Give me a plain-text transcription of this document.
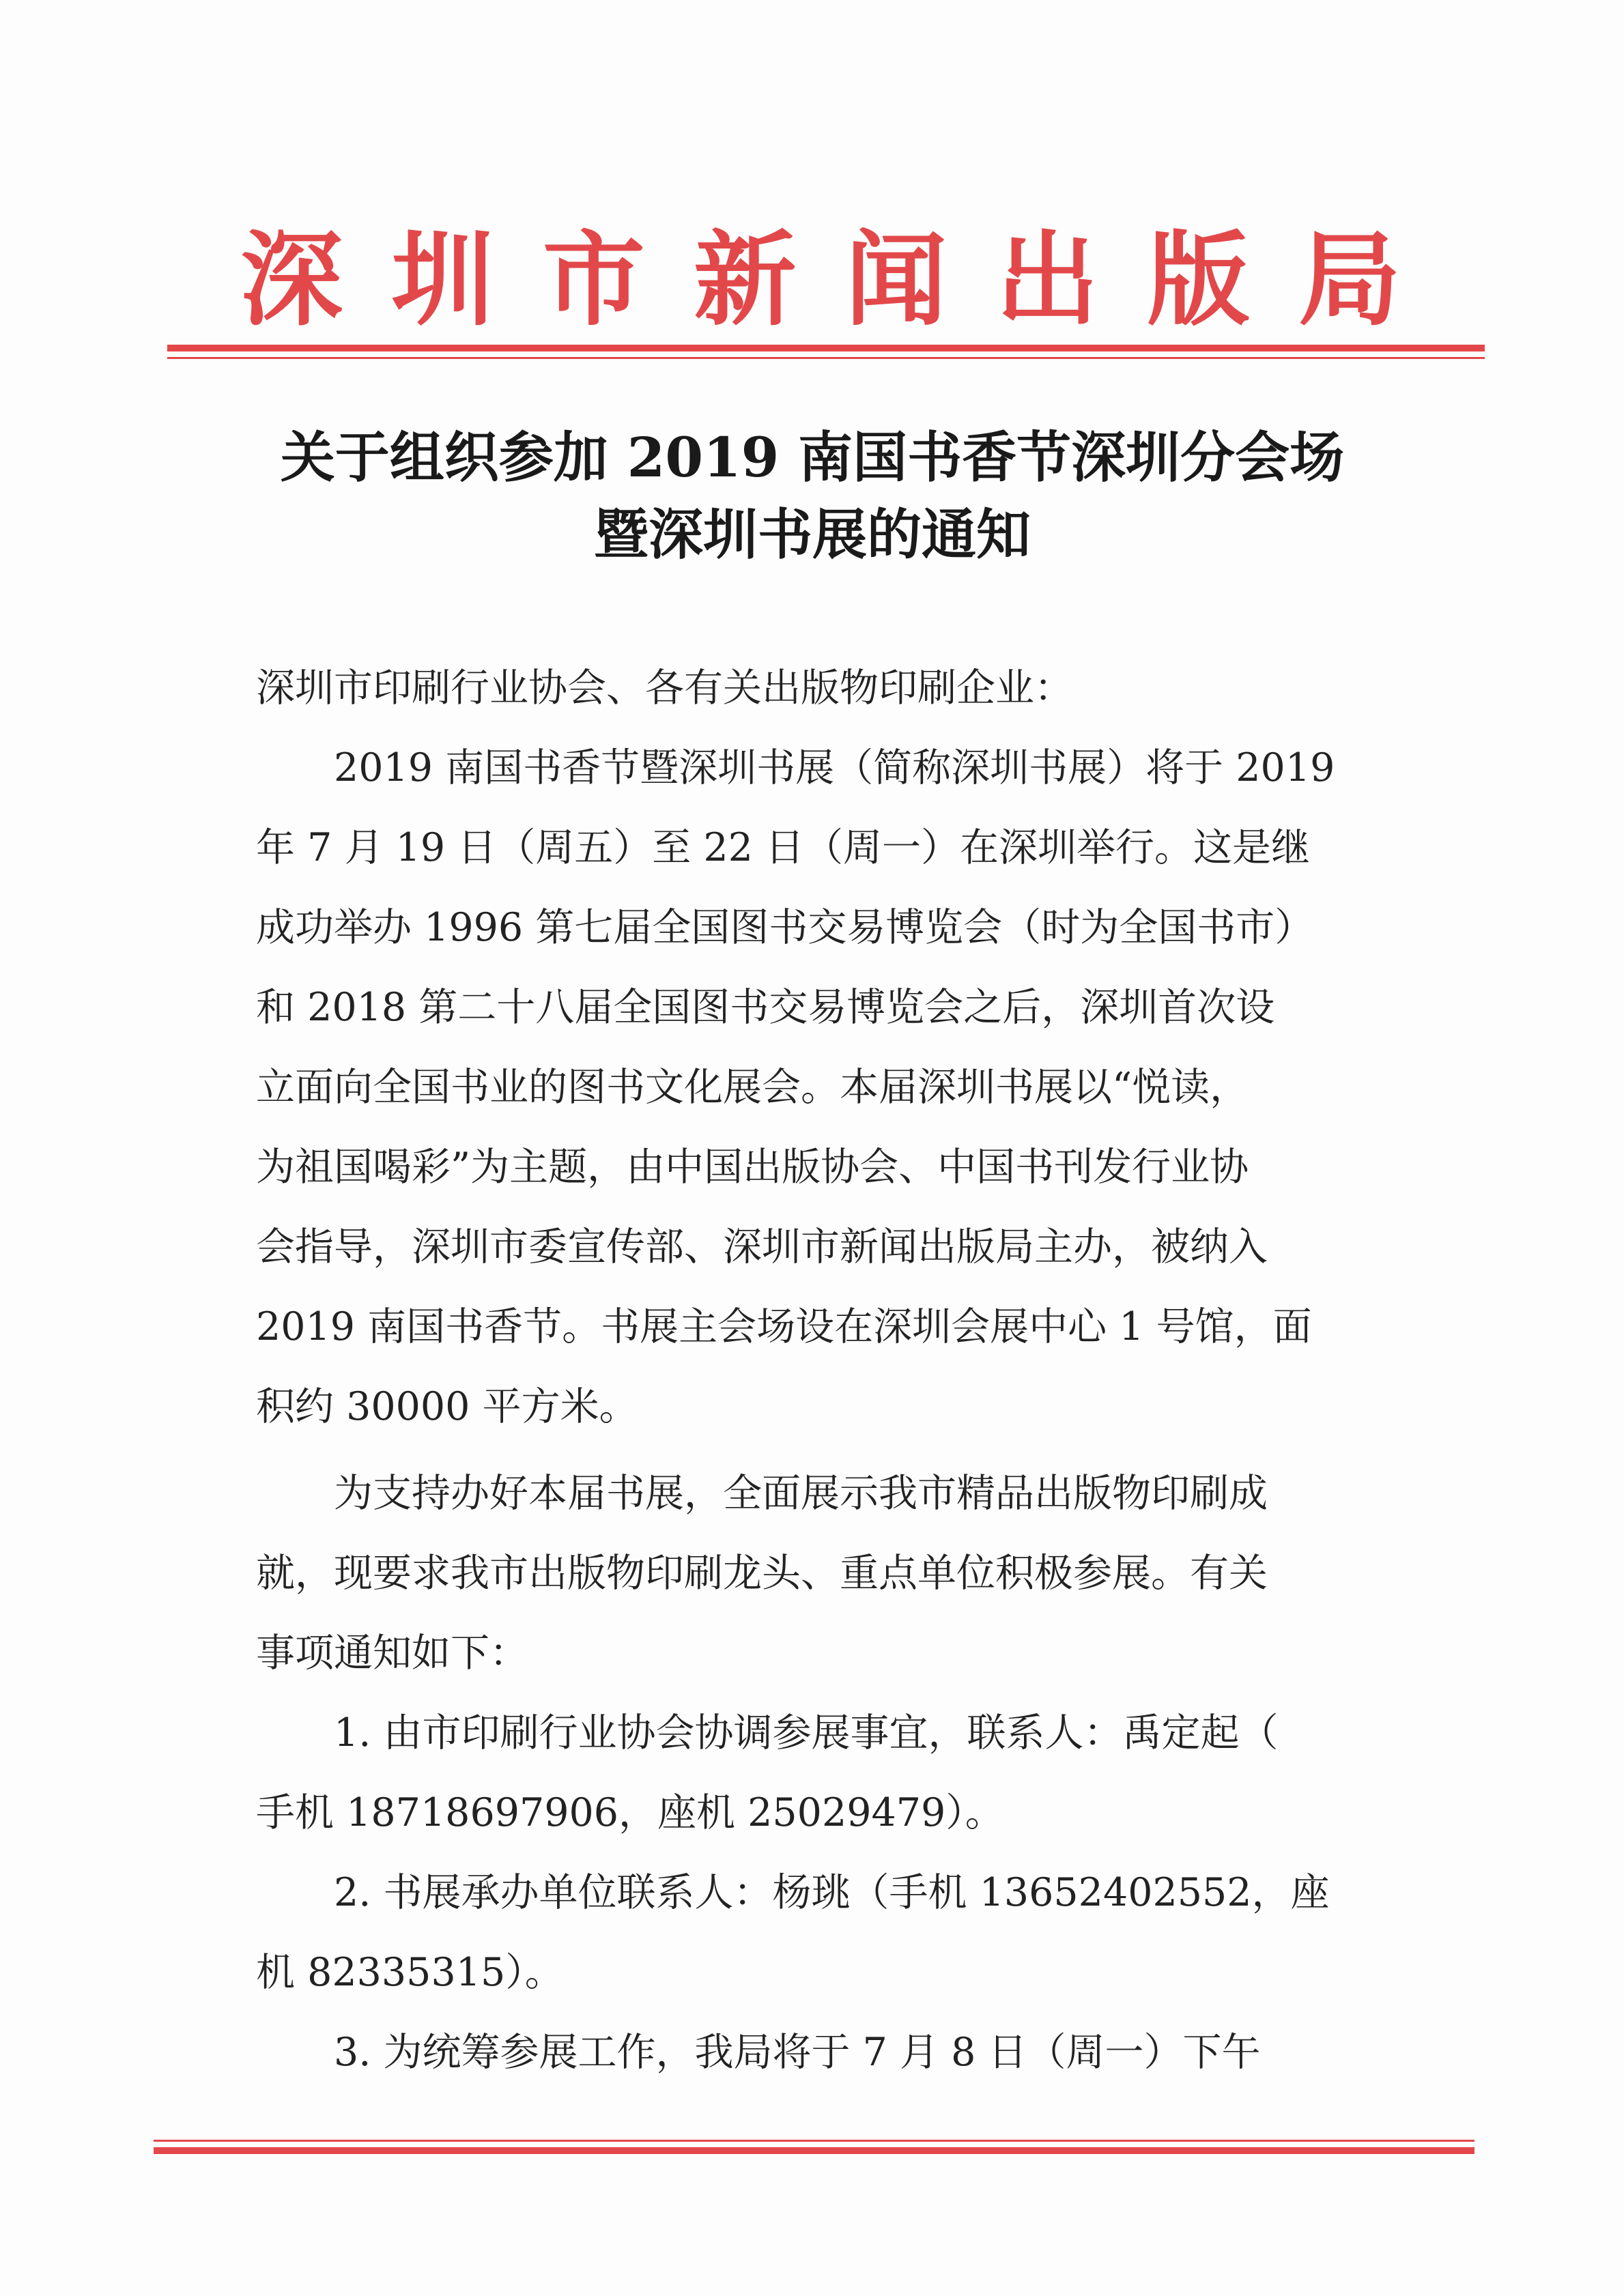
深 圳 市 新 闻 出 版 局
关于组织参加 2019 南国书香节深圳分会场
暨深圳书展的通知
深圳市印刷行业协会、各有关出版物印刷企业：
　　2019 南国书香节暨深圳书展（简称深圳书展）将于 2019
年 7 月 19 日（周五）至 22 日（周一）在深圳举行。这是继
成功举办 1996 第七届全国图书交易博览会（时为全国书市）
和 2018 第二十八届全国图书交易博览会之后，深圳首次设
立面向全国书业的图书文化展会。本届深圳书展以“悦读，
为祖国喝彩”为主题，由中国出版协会、中国书刊发行业协
会指导，深圳市委宣传部、深圳市新闻出版局主办，被纳入
2019 南国书香节。书展主会场设在深圳会展中心 1 号馆，面
积约 30000 平方米。
　　为支持办好本届书展，全面展示我市精品出版物印刷成
就，现要求我市出版物印刷龙头、重点单位积极参展。有关
事项通知如下：
　　1. 由市印刷行业协会协调参展事宜，联系人：禹定起（
手机 18718697906，座机 25029479）。
　　2. 书展承办单位联系人：杨珧（手机 13652402552，座
机 82335315）。
　　3. 为统筹参展工作，我局将于 7 月 8 日（周一）下午
